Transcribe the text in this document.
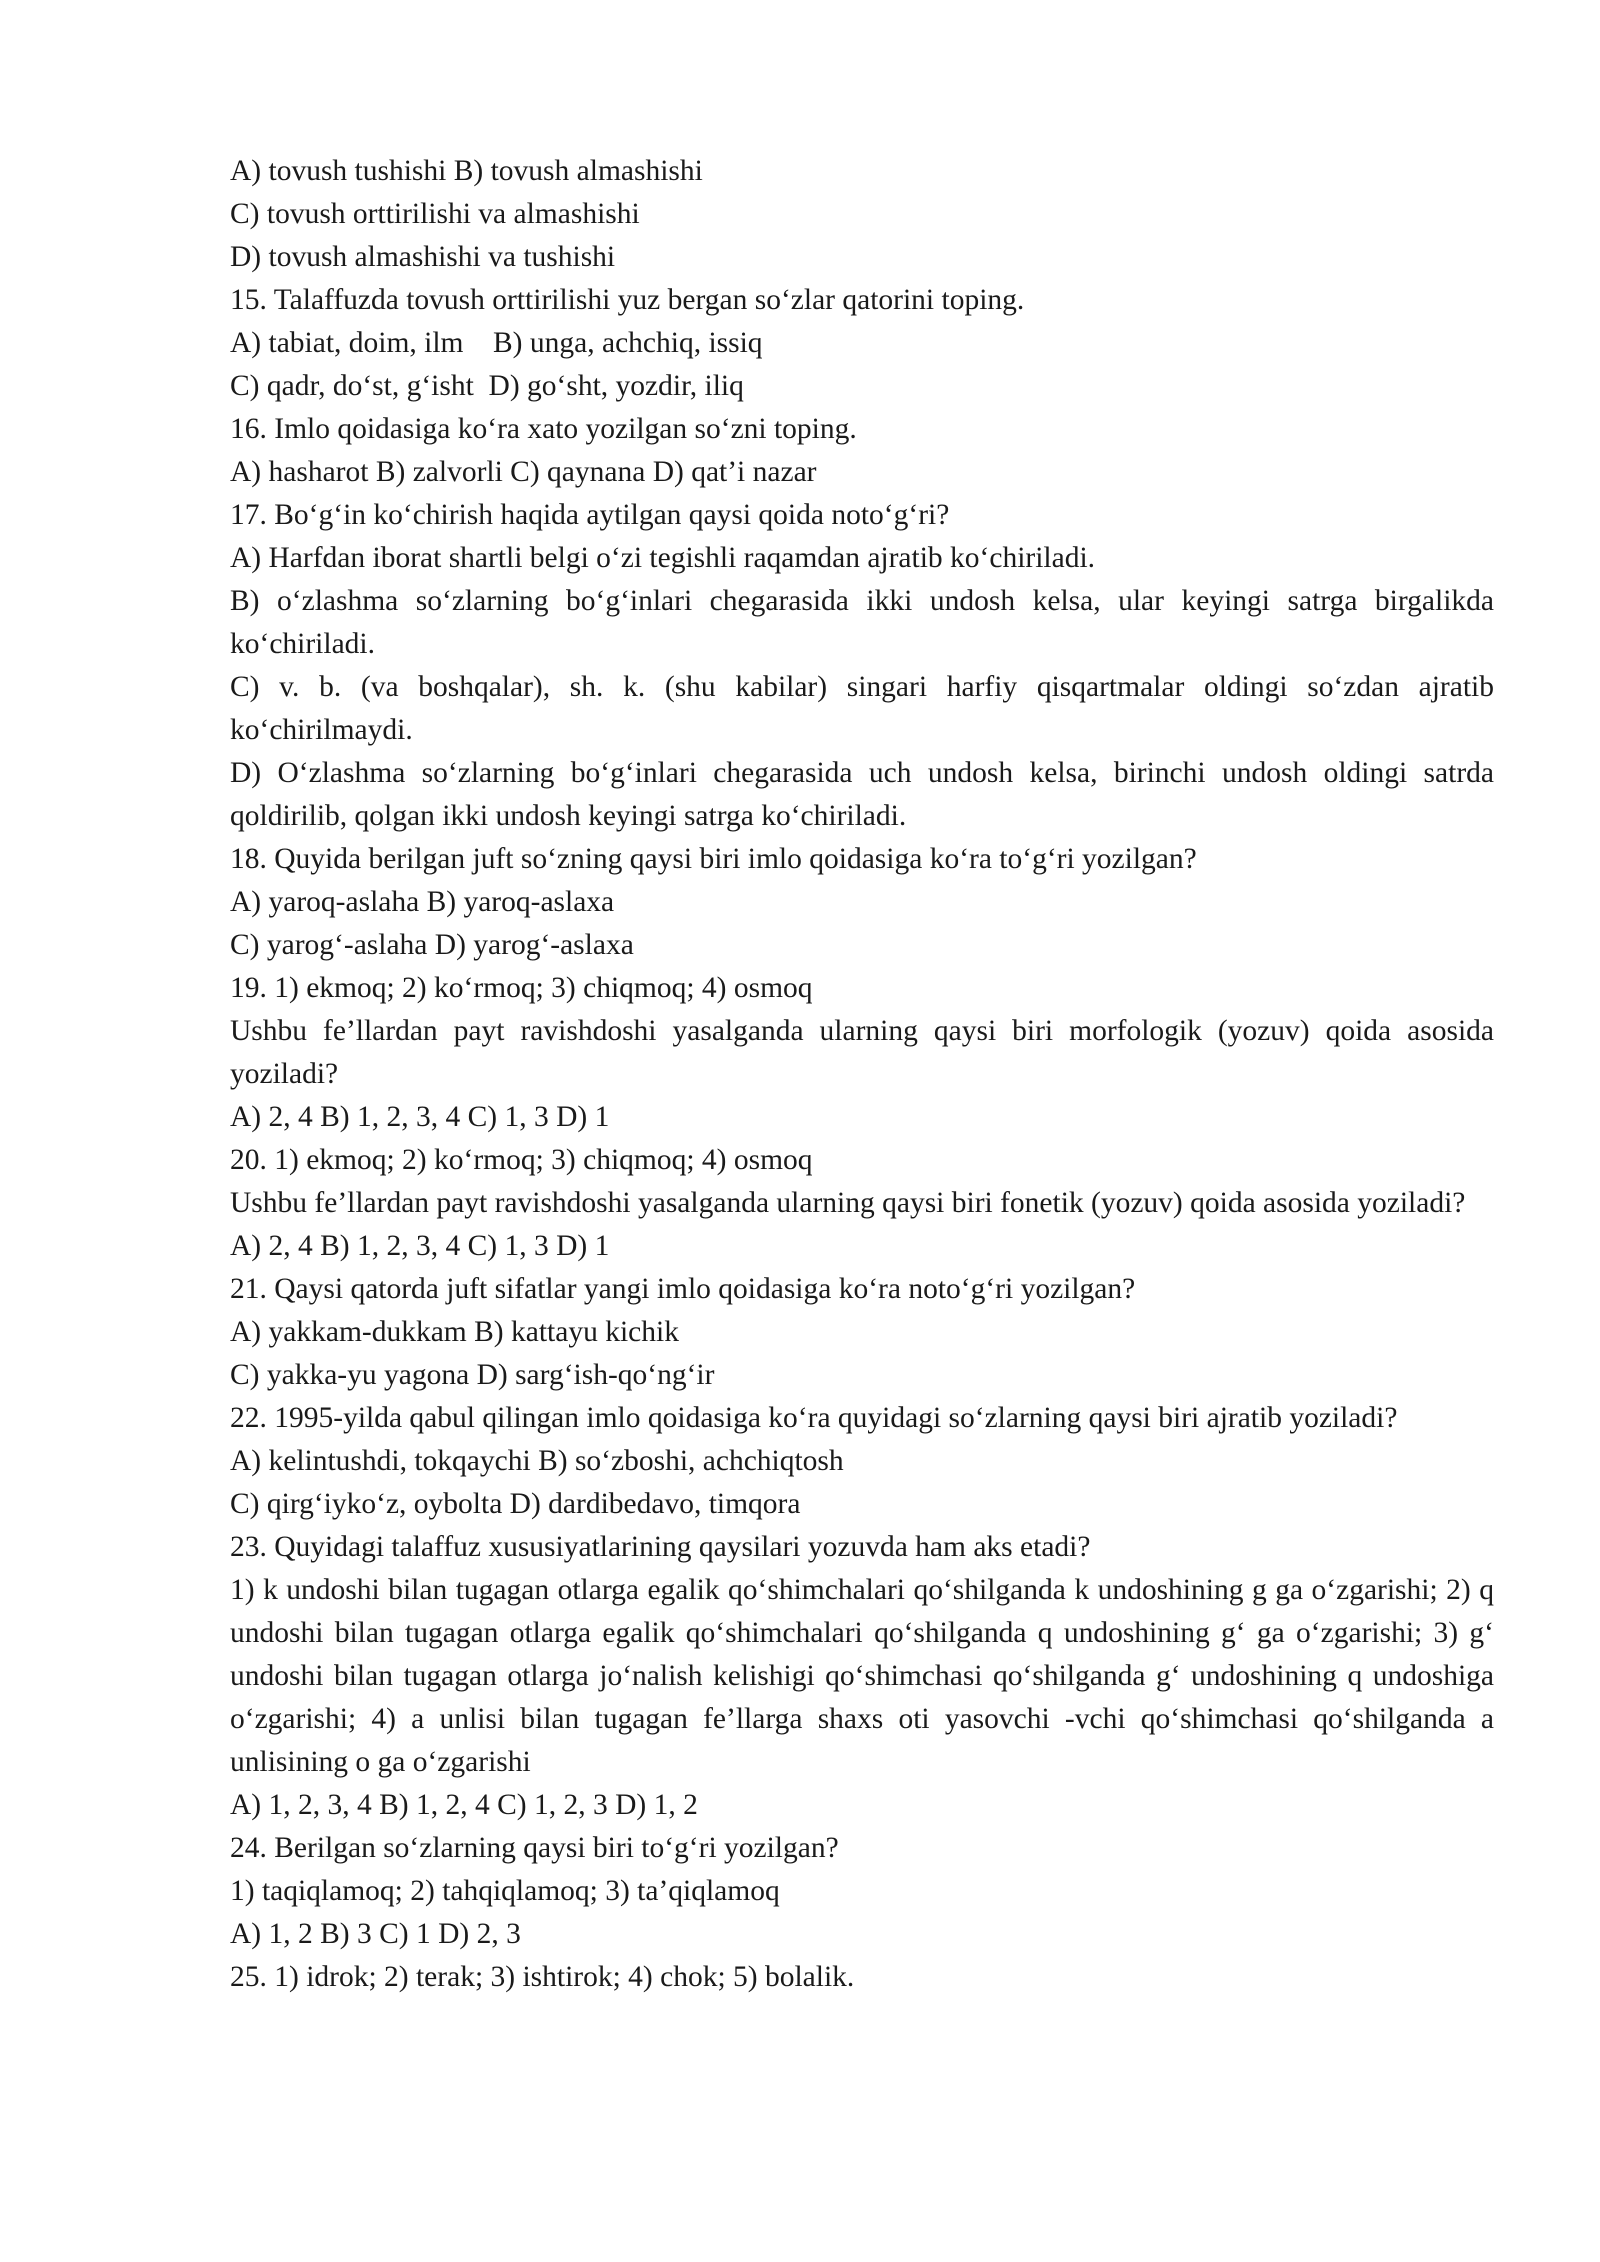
A) tovush tushishi B) tovush almashishi

C) tovush orttirilishi va almashishi

D) tovush almashishi va tushishi

15. Talaffuzda tovush orttirilishi yuz bergan so‘zlar qatorini toping.

A) tabiat, doim, ilm    B) unga, achchiq, issiq

C) qadr, do‘st, g‘isht  D) go‘sht, yozdir, iliq

16. Imlo qoidasiga ko‘ra xato yozilgan so‘zni toping.

A) hasharot B) zalvorli C) qaynana D) qat’i nazar

17. Bo‘g‘in ko‘chirish haqida aytilgan qaysi qoida noto‘g‘ri?

A) Harfdan iborat shartli belgi o‘zi tegishli raqamdan ajratib ko‘chiriladi.

B) o‘zlashma so‘zlarning bo‘g‘inlari chegarasida ikki undosh kelsa, ular keyingi satrga birgalikda ko‘chiriladi.

C) v. b. (va boshqalar), sh. k. (shu kabilar) singari harfiy qisqartmalar oldingi so‘zdan ajratib ko‘chirilmaydi.

D) O‘zlashma so‘zlarning bo‘g‘inlari chegarasida uch undosh kelsa, birinchi undosh oldingi satrda qoldirilib, qolgan ikki undosh keyingi satrga ko‘chiriladi.

18. Quyida berilgan juft so‘zning qaysi biri imlo qoidasiga ko‘ra to‘g‘ri yozilgan?

A) yaroq-aslaha B) yaroq-aslaxa

C) yarog‘-aslaha D) yarog‘-aslaxa

19. 1) ekmoq; 2) ko‘rmoq; 3) chiqmoq; 4) osmoq

Ushbu fe’llardan payt ravishdoshi yasalganda ularning qaysi biri morfologik (yozuv) qoida asosida yoziladi?

A) 2, 4 B) 1, 2, 3, 4 C) 1, 3 D) 1

20. 1) ekmoq; 2) ko‘rmoq; 3) chiqmoq; 4) osmoq

Ushbu fe’llardan payt ravishdoshi yasalganda ularning qaysi biri fonetik (yozuv) qoida asosida yoziladi?

A) 2, 4 B) 1, 2, 3, 4 C) 1, 3 D) 1

21. Qaysi qatorda juft sifatlar yangi imlo qoidasiga ko‘ra noto‘g‘ri yozilgan?

A) yakkam-dukkam B) kattayu kichik

C) yakka-yu yagona D) sarg‘ish-qo‘ng‘ir

22. 1995-yilda qabul qilingan imlo qoidasiga ko‘ra quyidagi so‘zlarning qaysi biri ajratib yoziladi?

A) kelintushdi, tokqaychi B) so‘zboshi, achchiqtosh

C) qirg‘iyko‘z, oybolta D) dardibedavo, timqora

23. Quyidagi talaffuz xususiyatlarining qaysilari yozuvda ham aks etadi?

1) k undoshi bilan tugagan otlarga egalik qo‘shimchalari qo‘shilganda k undoshining g ga o‘zgarishi; 2) q undoshi bilan tugagan otlarga egalik qo‘shimchalari qo‘shilganda q undoshining g‘ ga o‘zgarishi; 3) g‘ undoshi bilan tugagan otlarga jo‘nalish kelishigi qo‘shimchasi qo‘shilganda g‘ undoshining q undoshiga o‘zgarishi; 4) a unlisi bilan tugagan fe’llarga shaxs oti yasovchi -vchi qo‘shimchasi qo‘shilganda a unlisining o ga o‘zgarishi

A) 1, 2, 3, 4 B) 1, 2, 4 C) 1, 2, 3 D) 1, 2

24. Berilgan so‘zlarning qaysi biri to‘g‘ri yozilgan?

1) taqiqlamoq; 2) tahqiqlamoq; 3) ta’qiqlamoq

A) 1, 2 B) 3 C) 1 D) 2, 3

25. 1) idrok; 2) terak; 3) ishtirok; 4) chok; 5) bolalik.
